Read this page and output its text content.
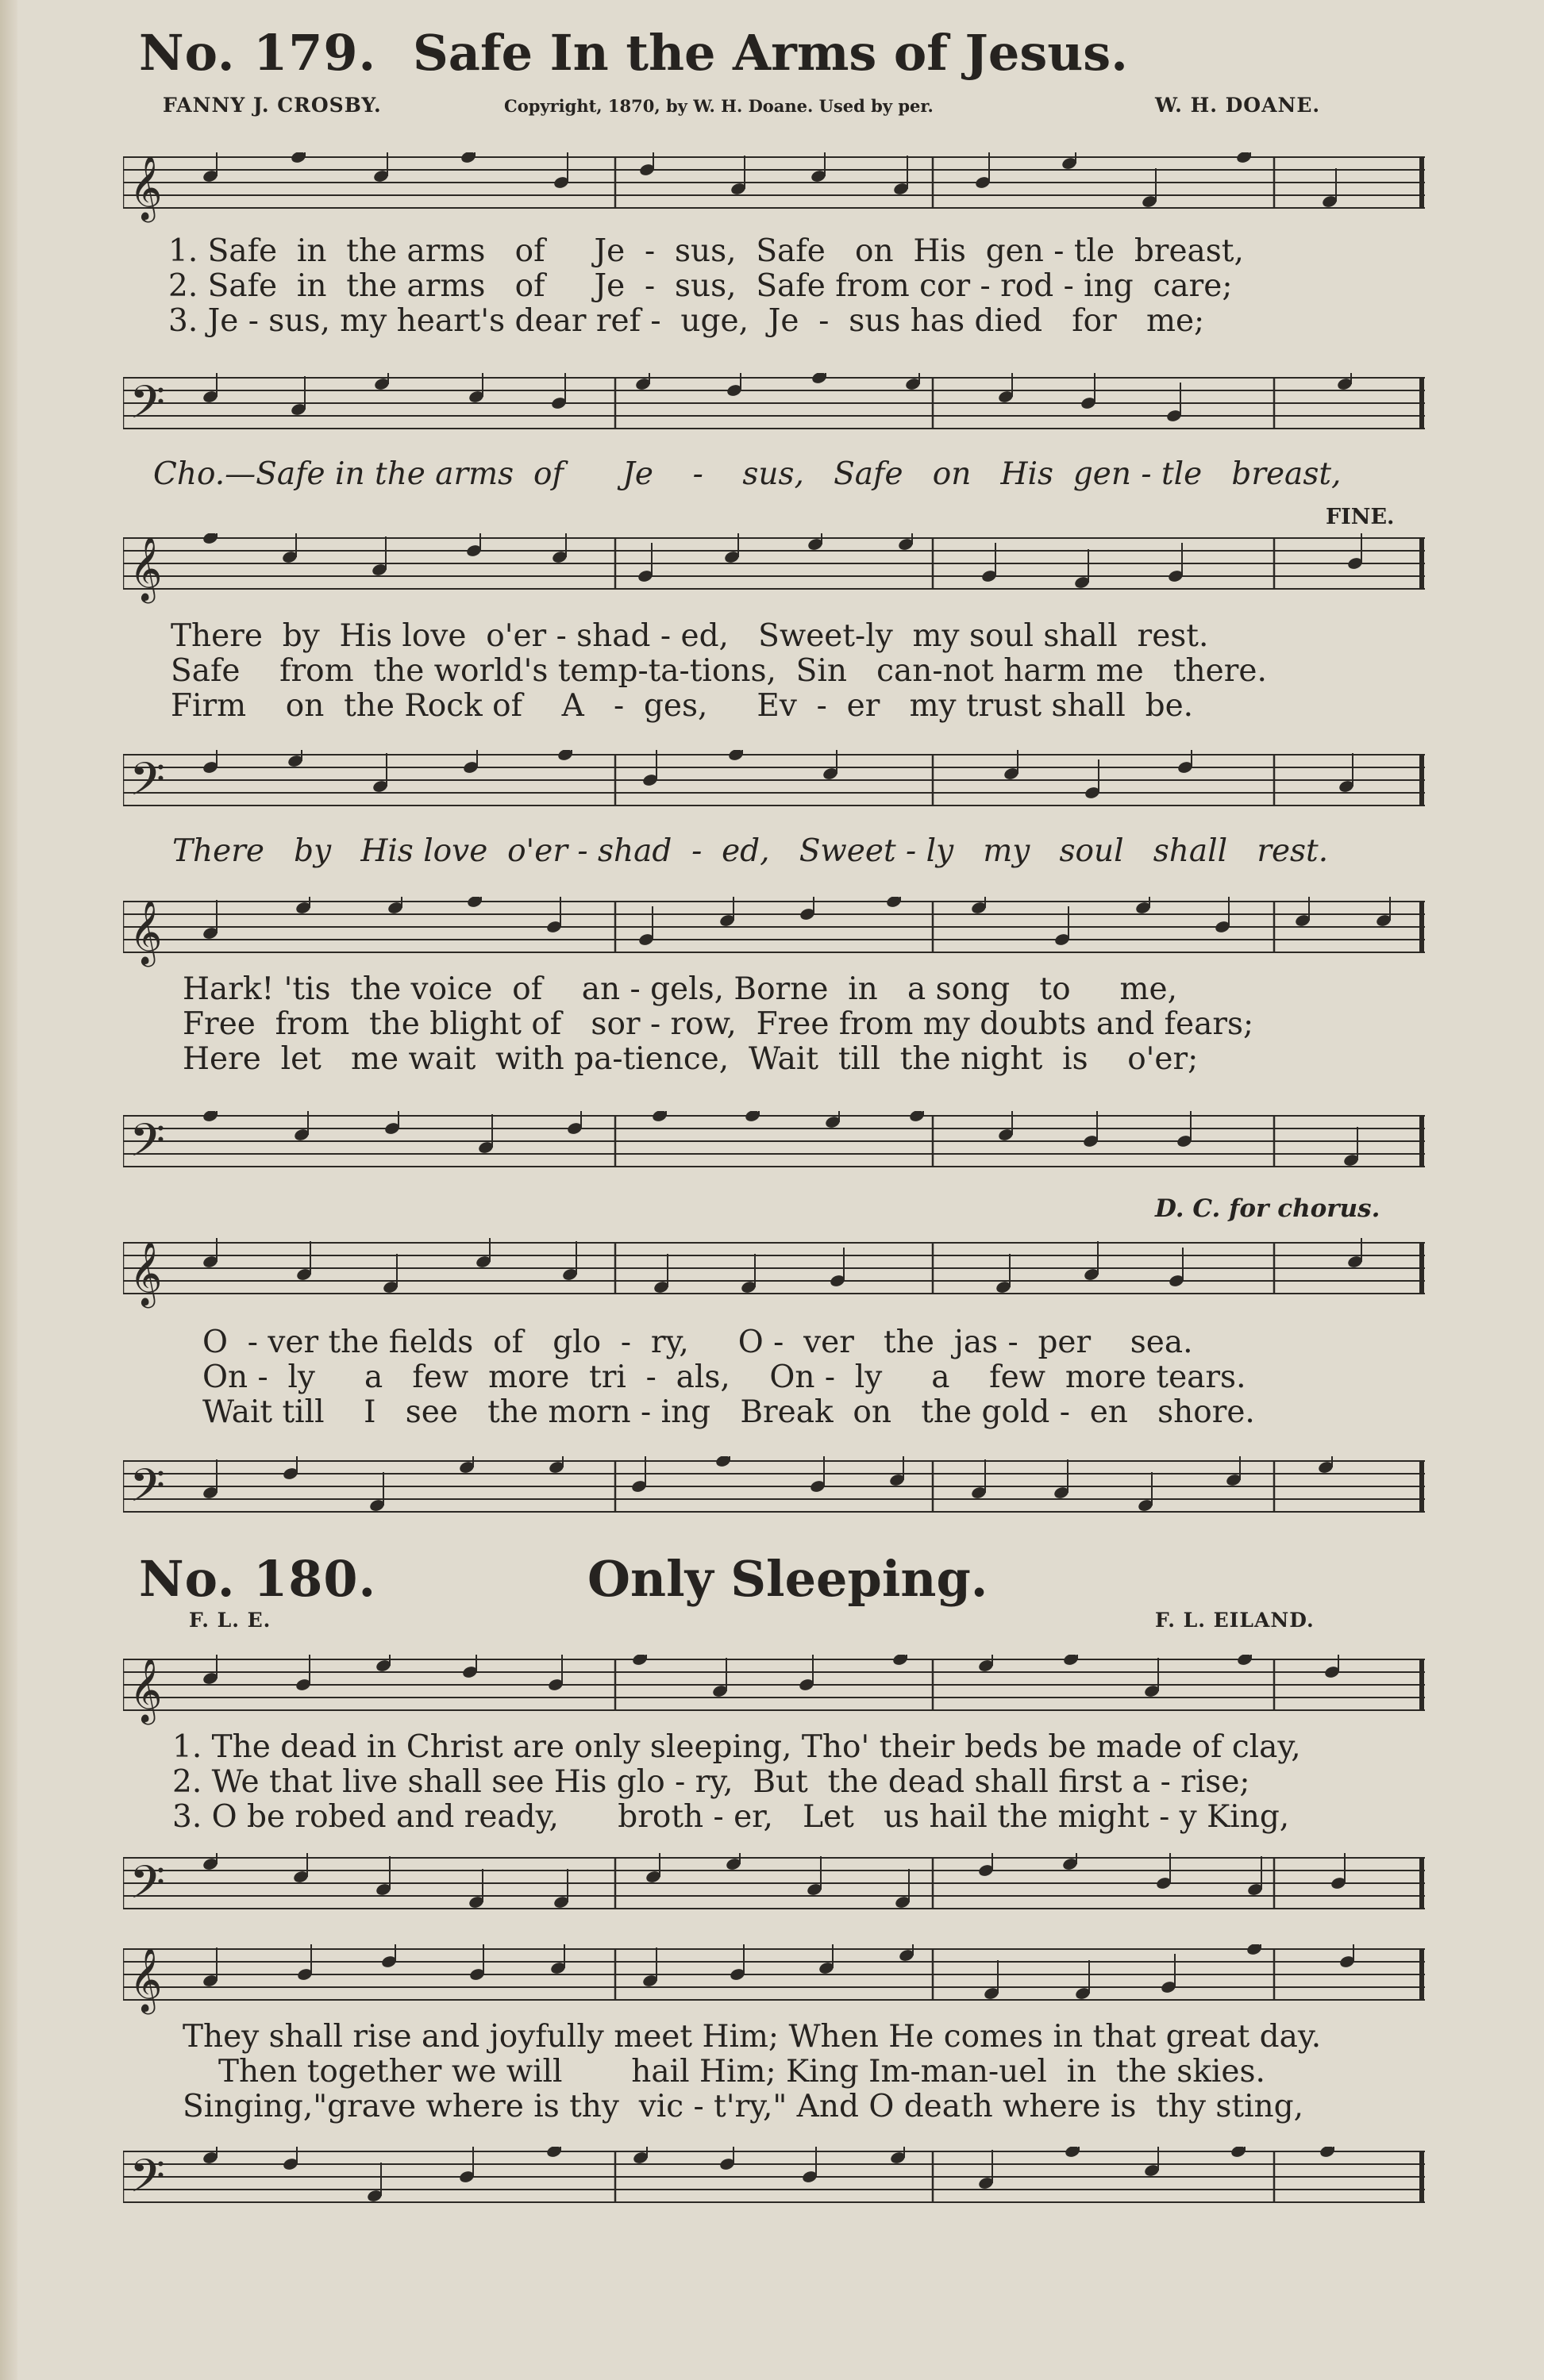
No. 179. Safe In the Arms of Jesus.
FANNY J. CROSBY.	Copyright, 1870, by W. H. Doane. Used by per.	W. H. DOANE.
𝄞
1. Safe  in  the arms   of     Je  -  sus,  Safe   on  His  gen - tle  breast,
2. Safe  in  the arms   of     Je  -  sus,  Safe from cor - rod - ing  care;
3. Je - sus, my heart's dear ref -  uge,  Je  -  sus has died   for   me;
𝄢
Cho.—Safe in the arms  of      Je    -    sus,   Safe   on   His  gen - tle   breast,
FINE.
𝄞
There  by  His love  o'er - shad - ed,   Sweet-ly  my soul shall  rest.
Safe    from  the world's temp-ta-tions,  Sin   can-not harm me   there.
Firm    on  the Rock of    A   -  ges,     Ev  -  er   my trust shall  be.
𝄢
There   by   His love  o'er - shad  -  ed,   Sweet - ly   my   soul   shall   rest.
𝄞
Hark! 'tis  the voice  of    an - gels, Borne  in   a song   to     me,
Free  from  the blight of   sor - row,  Free from my doubts and fears;
Here  let   me wait  with pa-tience,  Wait  till  the night  is    o'er;
𝄢
D. C. for chorus.
𝄞
O  - ver the fields  of   glo  -  ry,     O -  ver   the  jas -  per    sea.
On -  ly     a   few  more  tri  -  als,    On -  ly     a    few  more tears.
Wait till    I   see   the morn - ing   Break  on   the gold -  en   shore.
𝄢
No. 180.	Only Sleeping.
F. L. E.	F. L. EILAND.
𝄞
1. The dead in Christ are only sleeping, Tho' their beds be made of clay,
2. We that live shall see His glo - ry,  But  the dead shall first a - rise;
3. O be robed and ready,      broth - er,   Let   us hail the might - y King,
𝄢
𝄞
They shall rise and joyfully meet Him; When He comes in that great day.
Then together we will       hail Him; King Im-man-uel  in  the skies.
Singing,"grave where is thy  vic - t'ry," And O death where is  thy sting,
𝄢
